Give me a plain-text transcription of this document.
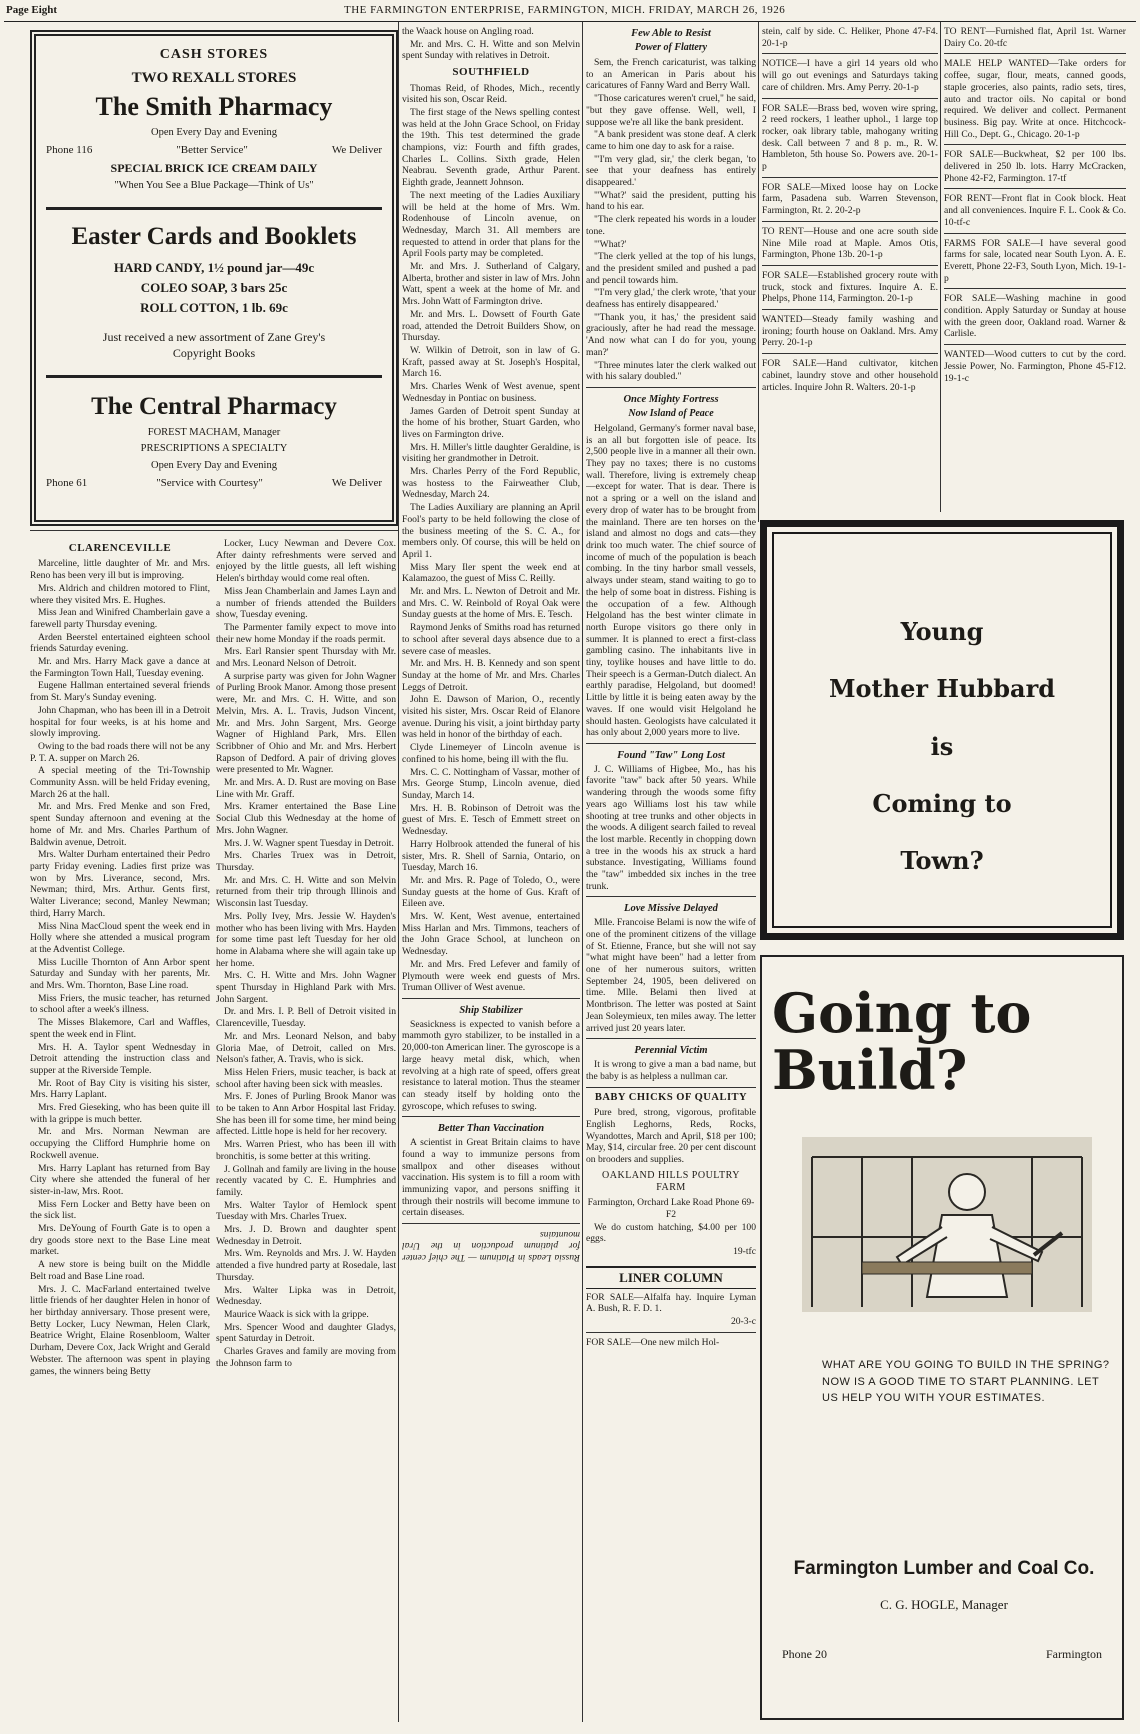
Page Eight	THE FARMINGTON ENTERPRISE, FARMINGTON, MICH. FRIDAY, MARCH 26, 1926
CASH STORES
TWO REXALL STORES
The Smith Pharmacy
Open Every Day and Evening
Phone 116	"Better Service"	We Deliver
SPECIAL BRICK ICE CREAM DAILY
"When You See a Blue Package—Think of Us"
Easter Cards and Booklets
HARD CANDY, 1½ pound jar—49c
COLEO SOAP, 3 bars 25c
ROLL COTTON, 1 lb. 69c
Just received a new assortment of Zane Grey's
Copyright Books
The Central Pharmacy
FOREST MACHAM, Manager
PRESCRIPTIONS A SPECIALTY
Open Every Day and Evening
Phone 61	"Service with Courtesy"	We Deliver
CLARENCEVILLE

Marceline, little daughter of Mr. and Mrs. Reno has been very ill but is improving.

Mrs. Aldrich and children motored to Flint, where they visited Mrs. E. Hughes.

Miss Jean and Winifred Chamberlain gave a farewell party Thursday evening.

Arden Beerstel entertained eighteen school friends Saturday evening.

Mr. and Mrs. Harry Mack gave a dance at the Farmington Town Hall, Tuesday evening.

Eugene Hallman entertained several friends from St. Mary's Sunday evening.

John Chapman, who has been ill in a Detroit hospital for four weeks, is at his home and slowly improving.

Owing to the bad roads there will not be any P. T. A. supper on March 26.

A special meeting of the Tri-Township Community Assn. will be held Friday evening, March 26 at the hall.

Mr. and Mrs. Fred Menke and son Fred, spent Sunday afternoon and evening at the home of Mr. and Mrs. Charles Parthum of Baldwin avenue, Detroit.

Mrs. Walter Durham entertained their Pedro party Friday evening. Ladies first prize was won by Mrs. Liverance, second, Mrs. Newman; third, Mrs. Arthur. Gents first, Walter Liverance; second, Manley Newman; third, Harry March.

Miss Nina MacCloud spent the week end in Holly where she attended a musical program at the Adventist College.

Miss Lucille Thornton of Ann Arbor spent Saturday and Sunday with her parents, Mr. and Mrs. Wm. Thornton, Base Line road.

Miss Friers, the music teacher, has returned to school after a week's illness.

The Misses Blakemore, Carl and Waffles, spent the week end in Flint.

Mrs. H. A. Taylor spent Wednesday in Detroit attending the instruction class and supper at the Riverside Temple.

Mr. Root of Bay City is visiting his sister, Mrs. Harry Laplant.

Mrs. Fred Gieseking, who has been quite ill with la grippe is much better.

Mr. and Mrs. Norman Newman are occupying the Clifford Humphrie home on Rockwell avenue.

Mrs. Harry Laplant has returned from Bay City where she attended the funeral of her sister-in-law, Mrs. Root.

Miss Fern Locker and Betty have been on the sick list.

Mrs. DeYoung of Fourth Gate is to open a dry goods store next to the Base Line meat market.

A new store is being built on the Middle Belt road and Base Line road.

Mrs. J. C. MacFarland entertained twelve little friends of her daughter Helen in honor of her birthday anniversary. Those present were, Betty Locker, Lucy Newman, Helen Clark, Beatrice Wright, Elaine Rosenbloom, Walter Durham, Devere Cox, Jack Wright and Gerald Webster. The afternoon was spent in playing games, the winners being Betty

Locker, Lucy Newman and Devere Cox. After dainty refreshments were served and enjoyed by the little guests, all left wishing Helen's birthday would come real often.

Miss Jean Chamberlain and James Layn and a number of friends attended the Builders show, Tuesday evening.

The Parmenter family expect to move into their new home Monday if the roads permit.

Mrs. Earl Ransier spent Thursday with Mr. and Mrs. Leonard Nelson of Detroit.

A surprise party was given for John Wagner of Purling Brook Manor. Among those present were, Mr. and Mrs. C. H. Witte, and son Melvin, Mrs. A. L. Travis, Judson Vincent, Mr. and Mrs. John Sargent, Mrs. George Wagner of Highland Park, Mrs. Ellen Scribbner of Ohio and Mr. and Mrs. Herbert Rapson of Dedford. A pair of driving gloves were presented to Mr. Wagner.

Mr. and Mrs. A. D. Rust are moving on Base Line with Mr. Graff.

Mrs. Kramer entertained the Base Line Social Club this Wednesday at the home of Mrs. John Wagner.

Mrs. J. W. Wagner spent Tuesday in Detroit.

Mrs. Charles Truex was in Detroit, Thursday.

Mr. and Mrs. C. H. Witte and son Melvin returned from their trip through Illinois and Wisconsin last Tuesday.

Mrs. Polly Ivey, Mrs. Jessie W. Hayden's mother who has been living with Mrs. Hayden for some time past left Tuesday for her old home in Alabama where she will again take up her home.

Mrs. C. H. Witte and Mrs. John Wagner spent Thursday in Highland Park with Mrs. John Sargent.

Dr. and Mrs. I. P. Bell of Detroit visited in Clarenceville, Tuesday.

Mr. and Mrs. Leonard Nelson, and baby Gloria Mae, of Detroit, called on Mrs. Nelson's father, A. Travis, who is sick.

Miss Helen Friers, music teacher, is back at school after having been sick with measles.

Mrs. F. Jones of Purling Brook Manor was to be taken to Ann Arbor Hospital last Friday. She has been ill for some time, her mind being affected. Little hope is held for her recovery.

Mrs. Warren Priest, who has been ill with bronchitis, is some better at this writing.

J. Gollnah and family are living in the house recently vacated by C. E. Humphries and family.

Mrs. Walter Taylor of Hemlock spent Tuesday with Mrs. Charles Truex.

Mrs. J. D. Brown and daughter spent Wednesday in Detroit.

Mrs. Wm. Reynolds and Mrs. J. W. Hayden attended a five hundred party at Rosedale, last Thursday.

Mrs. Walter Lipka was in Detroit, Wednesday.

Maurice Waack is sick with la grippe.

Mrs. Spencer Wood and daughter Gladys, spent Saturday in Detroit.

Charles Graves and family are moving from the Johnson farm to

the Waack house on Angling road.

Mr. and Mrs. C. H. Witte and son Melvin spent Sunday with relatives in Detroit.

SOUTHFIELD

Thomas Reid, of Rhodes, Mich., recently visited his son, Oscar Reid.

The first stage of the News spelling contest was held at the John Grace School, on Friday the 19th. This test determined the grade champions, viz: Fourth and fifth grades, Charles L. Collins. Sixth grade, Helen Neabrau. Seventh grade, Arthur Parent. Eighth grade, Jeannett Johnson.

The next meeting of the Ladies Auxiliary will be held at the home of Mrs. Wm. Rodenhouse of Lincoln avenue, on Wednesday, March 31. All members are requested to attend in order that plans for the April Fools party may be completed.

Mr. and Mrs. J. Sutherland of Calgary, Alberta, brother and sister in law of Mrs. John Watt, spent a week at the home of Mr. and Mrs. John Watt of Farmington drive.

Mr. and Mrs. L. Dowsett of Fourth Gate road, attended the Detroit Builders Show, on Thursday.

W. Wilkin of Detroit, son in law of G. Kraft, passed away at St. Joseph's Hospital, March 16.

Mrs. Charles Wenk of West avenue, spent Wednesday in Pontiac on business.

James Garden of Detroit spent Sunday at the home of his brother, Stuart Garden, who lives on Farmington drive.

Mrs. H. Miller's little daughter Geraldine, is visiting her grandmother in Detroit.

Mrs. Charles Perry of the Ford Republic, was hostess to the Fairweather Club, Wednesday, March 24.

The Ladies Auxiliary are planning an April Fool's party to be held following the close of the business meeting of the S. C. A., for members only. Of course, this will be held on April 1.

Miss Mary Iler spent the week end at Kalamazoo, the guest of Miss C. Reilly.

Mr. and Mrs. L. Newton of Detroit and Mr. and Mrs. C. W. Reinbold of Royal Oak were Sunday guests at the home of Mrs. E. Tesch.

Raymond Jenks of Smiths road has returned to school after several days absence due to a severe case of measles.

Mr. and Mrs. H. B. Kennedy and son spent Sunday at the home of Mr. and Mrs. Charles Leggs of Detroit.

John E. Dawson of Marion, O., recently visited his sister, Mrs. Oscar Reid of Elanore avenue. During his visit, a joint birthday party was held in honor of the birthday of each.

Clyde Linemeyer of Lincoln avenue is confined to his home, being ill with the flu.

Mrs. C. C. Nottingham of Vassar, mother of Mrs. George Stump, Lincoln avenue, died Sunday, March 14.

Mrs. H. B. Robinson of Detroit was the guest of Mrs. E. Tesch of Emmett street on Wednesday.

Harry Holbrook attended the funeral of his sister, Mrs. R. Shell of Sarnia, Ontario, on Tuesday, March 16.

Mr. and Mrs. R. Page of Toledo, O., were Sunday guests at the home of Gus. Kraft of Eileen ave.

Mrs. W. Kent, West avenue, entertained Miss Harlan and Mrs. Timmons, teachers of the John Grace School, at luncheon on Wednesday.

Mr. and Mrs. Fred Lefever and family of Plymouth were week end guests of Mrs. Truman Olliver of West avenue.

Ship Stabilizer

Seasickness is expected to vanish before a mammoth gyro stabilizer, to be installed in a 20,000-ton American liner. The gyroscope is a large heavy metal disk, which, when revolving at a high rate of speed, offers great resistance to lateral motion. Thus the steamer can steady itself by holding onto the gyroscope, which refuses to swing.

Better Than Vaccination

A scientist in Great Britain claims to have found a way to immunize persons from smallpox and other diseases without vaccination. His system is to fill a room with immunizing vapor, and persons sniffing it through their nostrils will become immune to certain diseases.

Russia Leads in Platinum — The chief center for platinum production in the Ural mountains

Few Able to Resist
Power of Flattery

Sem, the French caricaturist, was talking to an American in Paris about his caricatures of Fanny Ward and Berry Wall.

"Those caricatures weren't cruel," he said, "but they gave offense. Well, well, I suppose we're all like the bank president.

"A bank president was stone deaf. A clerk came to him one day to ask for a raise.

"'I'm very glad, sir,' the clerk began, 'to see that your deafness has entirely disappeared.'

"'What?' said the president, putting his hand to his ear.

"The clerk repeated his words in a louder tone.

"'What?'

"The clerk yelled at the top of his lungs, and the president smiled and pushed a pad and pencil towards him.

"'I'm very glad,' the clerk wrote, 'that your deafness has entirely disappeared.'

"'Thank you, it has,' the president said graciously, after he had read the message. 'And now what can I do for you, young man?'

"Three minutes later the clerk walked out with his salary doubled."

Once Mighty Fortress
Now Island of Peace

Helgoland, Germany's former naval base, is an all but forgotten isle of peace. Its 2,500 people live in a manner all their own. They pay no taxes; there is no customs wall. Therefore, living is extremely cheap—except for water. That is dear. There is not a spring or a well on the island and every drop of water has to be brought from the mainland. There are ten horses on the island and almost no dogs and cats—they drink too much water. The chief source of income of much of the population is beach combing. In the tiny harbor small vessels, always under steam, stand waiting to go to the help of some boat in distress. Fishing is the occupation of a few. Although Helgoland has the best winter climate in north Europe visitors go there only in summer. It is planned to erect a first-class gambling casino. The inhabitants live in tiny, toylike houses and have little to do. Their speech is a German-Dutch dialect. An earthly paradise, Helgoland, but doomed! Little by little it is being eaten away by the waves. If one would visit Helgoland he should hasten. Geologists have calculated it has only about 2,000 years more to live.

Found "Taw" Long Lost

J. C. Williams of Higbee, Mo., has his favorite "taw" back after 50 years. While wandering through the woods some fifty years ago Williams lost his taw while shooting at tree trunks and other objects in the woods. A diligent search failed to reveal the lost marble. Recently in chopping down a tree in the woods his ax struck a hard substance. Investigating, Williams found the "taw" imbedded six inches in the tree trunk.

Love Missive Delayed

Mlle. Francoise Belami is now the wife of one of the prominent citizens of the village of St. Etienne, France, but she will not say "what might have been" had a letter from one of her numerous suitors, written September 24, 1905, been delivered on time. Mlle. Belami then lived at Montbrison. The letter was posted at Saint Jean Soleymieux, ten miles away. The letter arrived just 20 years later.

Perennial Victim

It is wrong to give a man a bad name, but the baby is as helpless a nullman car.

BABY CHICKS OF QUALITY

Pure bred, strong, vigorous, profitable English Leghorns, Reds, Rocks, Wyandottes, March and April, $18 per 100; May, $14, circular free. 20 per cent discount on brooders and supplies.

OAKLAND HILLS POULTRY FARM

Farmington, Orchard Lake Road Phone 69-F2

We do custom hatching, $4.00 per 100 eggs.

19-tfc

LINER COLUMN

FOR SALE—Alfalfa hay. Inquire Lyman A. Bush, R. F. D. 1.

20-3-c

FOR SALE—One new milch Hol-

stein, calf by side. C. Heliker, Phone 47-F4. 20-1-p

NOTICE—I have a girl 14 years old who will go out evenings and Saturdays taking care of children. Mrs. Amy Perry. 20-1-p

FOR SALE—Brass bed, woven wire spring, 2 reed rockers, 1 leather uphol., 1 large top rocker, oak library table, mahogany writing desk. Call between 7 and 8 p. m., R. W. Hambleton, 5th house So. Powers ave. 20-1-p

FOR SALE—Mixed loose hay on Locke farm, Pasadena sub. Warren Stevenson, Farmington, Rt. 2. 20-2-p

TO RENT—House and one acre south side Nine Mile road at Maple. Amos Otis, Farmington, Phone 13b. 20-1-p

FOR SALE—Established grocery route with truck, stock and fixtures. Inquire A. E. Phelps, Phone 114, Farmington. 20-1-p

WANTED—Steady family washing and ironing; fourth house on Oakland. Mrs. Amy Perry. 20-1-p

FOR SALE—Hand cultivator, kitchen cabinet, laundry stove and other household articles. Inquire John R. Walters. 20-1-p

TO RENT—Furnished flat, April 1st. Warner Dairy Co. 20-tfc

MALE HELP WANTED—Take orders for coffee, sugar, flour, meats, canned goods, staple groceries, also paints, radio sets, tires, auto and tractor oils. No capital or bond required. We deliver and collect. Permanent business. Big pay. Write at once. Hitchcock-Hill Co., Dept. G., Chicago. 20-1-p

FOR SALE—Buckwheat, $2 per 100 lbs. delivered in 250 lb. lots. Harry McCracken, Phone 42-F2, Farmington. 17-tf

FOR RENT—Front flat in Cook block. Heat and all conveniences. Inquire F. L. Cook & Co. 10-tf-c

FARMS FOR SALE—I have several good farms for sale, located near South Lyon. A. E. Everett, Phone 22-F3, South Lyon, Mich. 19-1-p

FOR SALE—Washing machine in good condition. Apply Saturday or Sunday at house with the green door, Oakland road. Warner & Carlisle.

WANTED—Wood cutters to cut by the cord. Jessie Power, No. Farmington, Phone 45-F12. 19-1-c

Young
Mother Hubbard
is
Coming to
Town?
Going to
Build?
WHAT ARE YOU GOING TO BUILD IN THE SPRING? NOW IS A GOOD TIME TO START PLANNING. LET US HELP YOU WITH YOUR ESTIMATES.
Farmington Lumber and Coal Co.
C. G. HOGLE, Manager
Phone 20	Farmington
